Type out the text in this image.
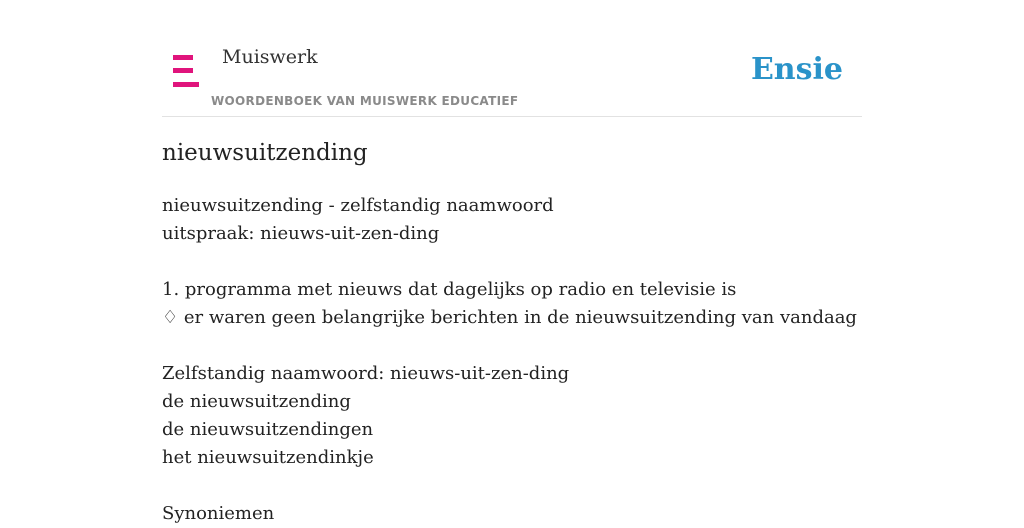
Muiswerk
WOORDENBOEK VAN MUISWERK EDUCATIEF
Ensie
nieuwsuitzending
nieuwsuitzending - zelfstandig naamwoord
uitspraak: nieuws-uit-zen-ding
1. programma met nieuws dat dagelijks op radio en televisie is
♢ er waren geen belangrijke berichten in de nieuwsuitzending van vandaag
Zelfstandig naamwoord: nieuws-uit-zen-ding
de nieuwsuitzending
de nieuwsuitzendingen
het nieuwsuitzendinkje
Synoniemen
